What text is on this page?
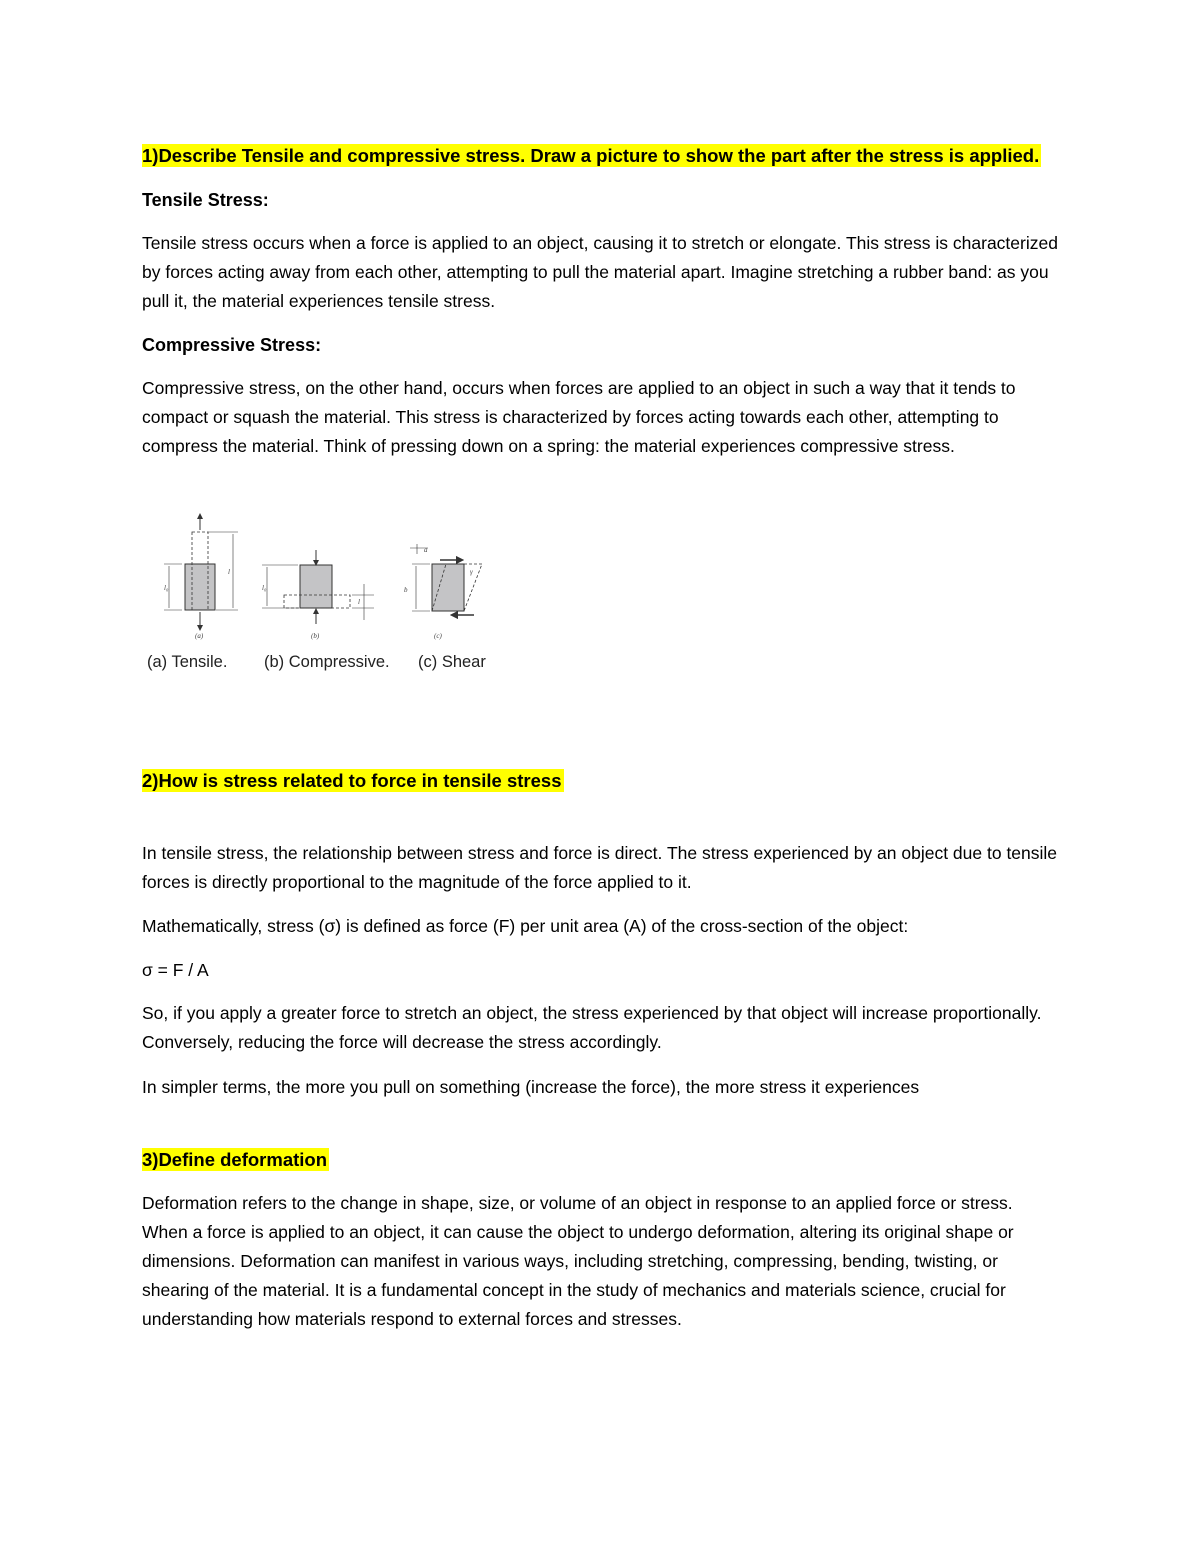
1)Describe Tensile and compressive stress. Draw a picture to show the part after the stress is applied.

Tensile Stress:

Tensile stress occurs when a force is applied to an object, causing it to stretch or elongate. This stress is characterized by forces acting away from each other, attempting to pull the material apart. Imagine stretching a rubber band: as you pull it, the material experiences tensile stress.

Compressive Stress:

Compressive stress, on the other hand, occurs when forces are applied to an object in such a way that it tends to compact or squash the material. This stress is characterized by forces acting towards each other, attempting to compress the material. Think of pressing down on a spring: the material experiences compressive stress.

l₀
l
(a)
l₀
l
(b)
a
b
γ
(c)
(a) Tensile. (b) Compressive. (c) Shear

2)How is stress related to force in tensile stress

In tensile stress, the relationship between stress and force is direct. The stress experienced by an object due to tensile forces is directly proportional to the magnitude of the force applied to it.

Mathematically, stress (σ) is defined as force (F) per unit area (A) of the cross-section of the object:

σ = F / A

So, if you apply a greater force to stretch an object, the stress experienced by that object will increase proportionally. Conversely, reducing the force will decrease the stress accordingly.

In simpler terms, the more you pull on something (increase the force), the more stress it experiences

3)Define deformation

Deformation refers to the change in shape, size, or volume of an object in response to an applied force or stress. When a force is applied to an object, it can cause the object to undergo deformation, altering its original shape or dimensions. Deformation can manifest in various ways, including stretching, compressing, bending, twisting, or shearing of the material. It is a fundamental concept in the study of mechanics and materials science, crucial for understanding how materials respond to external forces and stresses.
